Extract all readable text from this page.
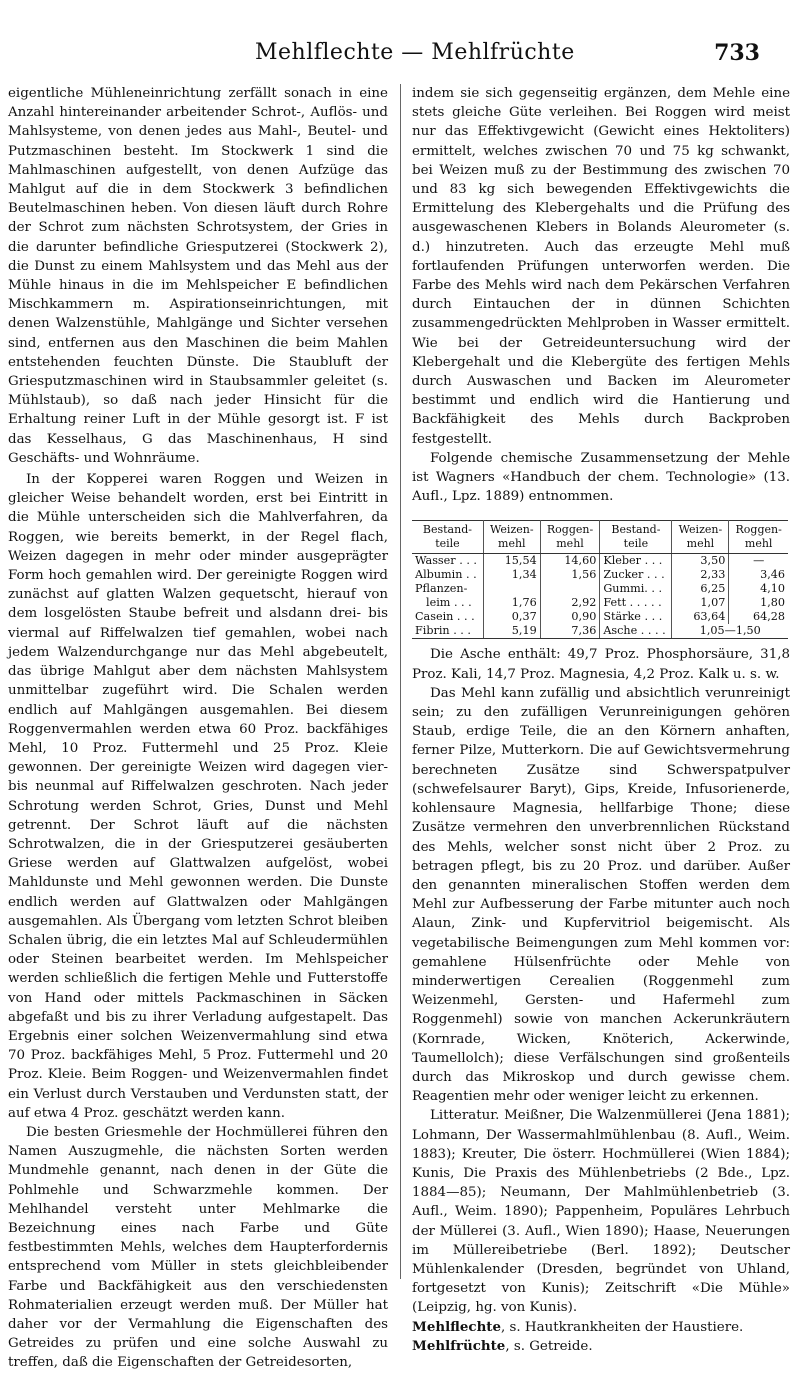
Mehlflechte — Mehlfrüchte	733

eigentliche Mühleneinrichtung zerfällt sonach in eine Anzahl hintereinander arbeitender Schrot-, Auflös- und Mahlsysteme, von denen jedes aus Mahl-, Beutel- und Putzmaschinen besteht. Im Stockwerk 1 sind die Mahlmaschinen aufgestellt, von denen Aufzüge das Mahlgut auf die in dem Stockwerk 3 befindlichen Beutelmaschinen heben. Von diesen läuft durch Rohre der Schrot zum nächsten Schrotsystem, der Gries in die darunter befindliche Griesputzerei (Stockwerk 2), die Dunst zu einem Mahlsystem und das Mehl aus der Mühle hinaus in die im Mehlspeicher E befindlichen Mischkammern m. Aspirationseinrichtungen, mit denen Walzenstühle, Mahlgänge und Sichter versehen sind, entfernen aus den Maschinen die beim Mahlen entstehenden feuchten Dünste. Die Staubluft der Griesputzmaschinen wird in Staubsammler geleitet (s. Mühlstaub), so daß nach jeder Hinsicht für die Erhaltung reiner Luft in der Mühle gesorgt ist. F ist das Kesselhaus, G das Maschinenhaus, H sind Geschäfts- und Wohnräume.

In der Kopperei waren Roggen und Weizen in gleicher Weise behandelt worden, erst bei Eintritt in die Mühle unterscheiden sich die Mahlverfahren, da Roggen, wie bereits bemerkt, in der Regel flach, Weizen dagegen in mehr oder minder ausgeprägter Form hoch gemahlen wird. Der gereinigte Roggen wird zunächst auf glatten Walzen gequetscht, hierauf von dem losgelösten Staube befreit und alsdann drei- bis viermal auf Riffelwalzen tief gemahlen, wobei nach jedem Walzendurchgange nur das Mehl abgebeutelt, das übrige Mahlgut aber dem nächsten Mahlsystem unmittelbar zugeführt wird. Die Schalen werden endlich auf Mahlgängen ausgemahlen. Bei diesem Roggenvermahlen werden etwa 60 Proz. backfähiges Mehl, 10 Proz. Futtermehl und 25 Proz. Kleie gewonnen. Der gereinigte Weizen wird dagegen vier- bis neunmal auf Riffelwalzen geschroten. Nach jeder Schrotung werden Schrot, Gries, Dunst und Mehl getrennt. Der Schrot läuft auf die nächsten Schrotwalzen, die in der Griesputzerei gesäuberten Griese werden auf Glattwalzen aufgelöst, wobei Mahldunste und Mehl gewonnen werden. Die Dunste endlich werden auf Glattwalzen oder Mahlgängen ausgemahlen. Als Übergang vom letzten Schrot bleiben Schalen übrig, die ein letztes Mal auf Schleudermühlen oder Steinen bearbeitet werden. Im Mehlspeicher werden schließlich die fertigen Mehle und Futterstoffe von Hand oder mittels Packmaschinen in Säcken abgefaßt und bis zu ihrer Verladung aufgestapelt. Das Ergebnis einer solchen Weizenvermahlung sind etwa 70 Proz. backfähiges Mehl, 5 Proz. Futtermehl und 20 Proz. Kleie. Beim Roggen- und Weizenvermahlen findet ein Verlust durch Verstauben und Verdunsten statt, der auf etwa 4 Proz. geschätzt werden kann.

Die besten Griesmehle der Hochmüllerei führen den Namen Auszugmehle, die nächsten Sorten werden Mundmehle genannt, nach denen in der Güte die Pohlmehle und Schwarzmehle kommen. Der Mehlhandel versteht unter Mehlmarke die Bezeichnung eines nach Farbe und Güte festbestimmten Mehls, welches dem Haupterfordernis entsprechend vom Müller in stets gleichbleibender Farbe und Backfähigkeit aus den verschiedensten Rohmaterialien erzeugt werden muß. Der Müller hat daher vor der Vermahlung die Eigenschaften des Getreides zu prüfen und eine solche Auswahl zu treffen, daß die Eigenschaften der Getreidesorten,

indem sie sich gegenseitig ergänzen, dem Mehle eine stets gleiche Güte verleihen. Bei Roggen wird meist nur das Effektivgewicht (Gewicht eines Hektoliters) ermittelt, welches zwischen 70 und 75 kg schwankt, bei Weizen muß zu der Bestimmung des zwischen 70 und 83 kg sich bewegenden Effektivgewichts die Ermittelung des Klebergehalts und die Prüfung des ausgewaschenen Klebers in Bolands Aleurometer (s. d.) hinzutreten. Auch das erzeugte Mehl muß fortlaufenden Prüfungen unterworfen werden. Die Farbe des Mehls wird nach dem Pekärschen Verfahren durch Eintauchen der in dünnen Schichten zusammengedrückten Mehlproben in Wasser ermittelt. Wie bei der Getreideuntersuchung wird der Klebergehalt und die Klebergüte des fertigen Mehls durch Auswaschen und Backen im Aleurometer bestimmt und endlich wird die Hantierung und Backfähigkeit des Mehls durch Backproben festgestellt.

Folgende chemische Zusammensetzung der Mehle ist Wagners «Handbuch der chem. Technologie» (13. Aufl., Lpz. 1889) entnommen.

Bestand-teile	Weizen-mehl	Roggen-mehl	Bestand-teile	Weizen-mehl	Roggen-mehl
Wasser . . .	15,54	14,60	Kleber . . .	3,50	—
Albumin . .	1,34	1,56	Zucker . . .	2,33	3,46
Pflanzen-			Gummi. . .	6,25	4,10
leim . . .	1,76	2,92	Fett . . . . .	1,07	1,80
Casein . . .	0,37	0,90	Stärke . . .	63,64	64,28
Fibrin . . .	5,19	7,36	Asche . . . .	1,05—1,50	

Die Asche enthält: 49,7 Proz. Phosphorsäure, 31,8 Proz. Kali, 14,7 Proz. Magnesia, 4,2 Proz. Kalk u. s. w.

Das Mehl kann zufällig und absichtlich verunreinigt sein; zu den zufälligen Verunreinigungen gehören Staub, erdige Teile, die an den Körnern anhaften, ferner Pilze, Mutterkorn. Die auf Gewichtsvermehrung berechneten Zusätze sind Schwerspatpulver (schwefelsaurer Baryt), Gips, Kreide, Infusorienerde, kohlensaure Magnesia, hellfarbige Thone; diese Zusätze vermehren den unverbrennlichen Rückstand des Mehls, welcher sonst nicht über 2 Proz. zu betragen pflegt, bis zu 20 Proz. und darüber. Außer den genannten mineralischen Stoffen werden dem Mehl zur Aufbesserung der Farbe mitunter auch noch Alaun, Zink- und Kupfervitriol beigemischt. Als vegetabilische Beimengungen zum Mehl kommen vor: gemahlene Hülsenfrüchte oder Mehle von minderwertigen Cerealien (Roggenmehl zum Weizenmehl, Gersten- und Hafermehl zum Roggenmehl) sowie von manchen Ackerunkräutern (Kornrade, Wicken, Knöterich, Ackerwinde, Taumellolch); diese Verfälschungen sind großenteils durch das Mikroskop und durch gewisse chem. Reagentien mehr oder weniger leicht zu erkennen.

Litteratur. Meißner, Die Walzenmüllerei (Jena 1881); Lohmann, Der Wassermahlmühlenbau (8. Aufl., Weim. 1883); Kreuter, Die österr. Hochmüllerei (Wien 1884); Kunis, Die Praxis des Mühlenbetriebs (2 Bde., Lpz. 1884—85); Neumann, Der Mahlmühlenbetrieb (3. Aufl., Weim. 1890); Pappenheim, Populäres Lehrbuch der Müllerei (3. Aufl., Wien 1890); Haase, Neuerungen im Müllereibetriebe (Berl. 1892); Deutscher Mühlenkalender (Dresden, begründet von Uhland, fortgesetzt von Kunis); Zeitschrift «Die Mühle» (Leipzig, hg. von Kunis).

Mehlflechte, s. Hautkrankheiten der Haustiere.

Mehlfrüchte, s. Getreide.
